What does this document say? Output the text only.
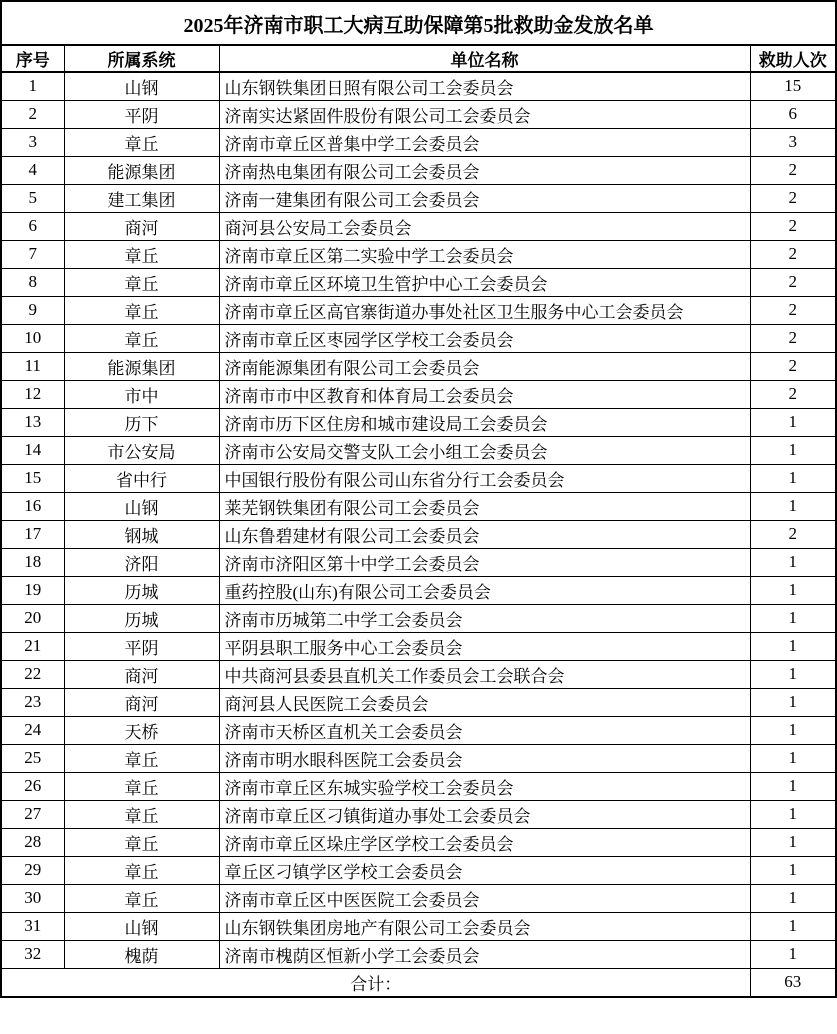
2025年济南市职工大病互助保障第5批救助金发放名单			
序号	所属系统	单位名称	救助人次
1	山钢	山东钢铁集团日照有限公司工会委员会	15
2	平阴	济南实达紧固件股份有限公司工会委员会	6
3	章丘	济南市章丘区普集中学工会委员会	3
4	能源集团	济南热电集团有限公司工会委员会	2
5	建工集团	济南一建集团有限公司工会委员会	2
6	商河	商河县公安局工会委员会	2
7	章丘	济南市章丘区第二实验中学工会委员会	2
8	章丘	济南市章丘区环境卫生管护中心工会委员会	2
9	章丘	济南市章丘区高官寨街道办事处社区卫生服务中心工会委员会	2
10	章丘	济南市章丘区枣园学区学校工会委员会	2
11	能源集团	济南能源集团有限公司工会委员会	2
12	市中	济南市市中区教育和体育局工会委员会	2
13	历下	济南市历下区住房和城市建设局工会委员会	1
14	市公安局	济南市公安局交警支队工会小组工会委员会	1
15	省中行	中国银行股份有限公司山东省分行工会委员会	1
16	山钢	莱芜钢铁集团有限公司工会委员会	1
17	钢城	山东鲁碧建材有限公司工会委员会	2
18	济阳	济南市济阳区第十中学工会委员会	1
19	历城	重药控股(山东)有限公司工会委员会	1
20	历城	济南市历城第二中学工会委员会	1
21	平阴	平阴县职工服务中心工会委员会	1
22	商河	中共商河县委县直机关工作委员会工会联合会	1
23	商河	商河县人民医院工会委员会	1
24	天桥	济南市天桥区直机关工会委员会	1
25	章丘	济南市明水眼科医院工会委员会	1
26	章丘	济南市章丘区东城实验学校工会委员会	1
27	章丘	济南市章丘区刁镇街道办事处工会委员会	1
28	章丘	济南市章丘区垛庄学区学校工会委员会	1
29	章丘	章丘区刁镇学区学校工会委员会	1
30	章丘	济南市章丘区中医医院工会委员会	1
31	山钢	山东钢铁集团房地产有限公司工会委员会	1
32	槐荫	济南市槐荫区恒新小学工会委员会	1
合计：			63
